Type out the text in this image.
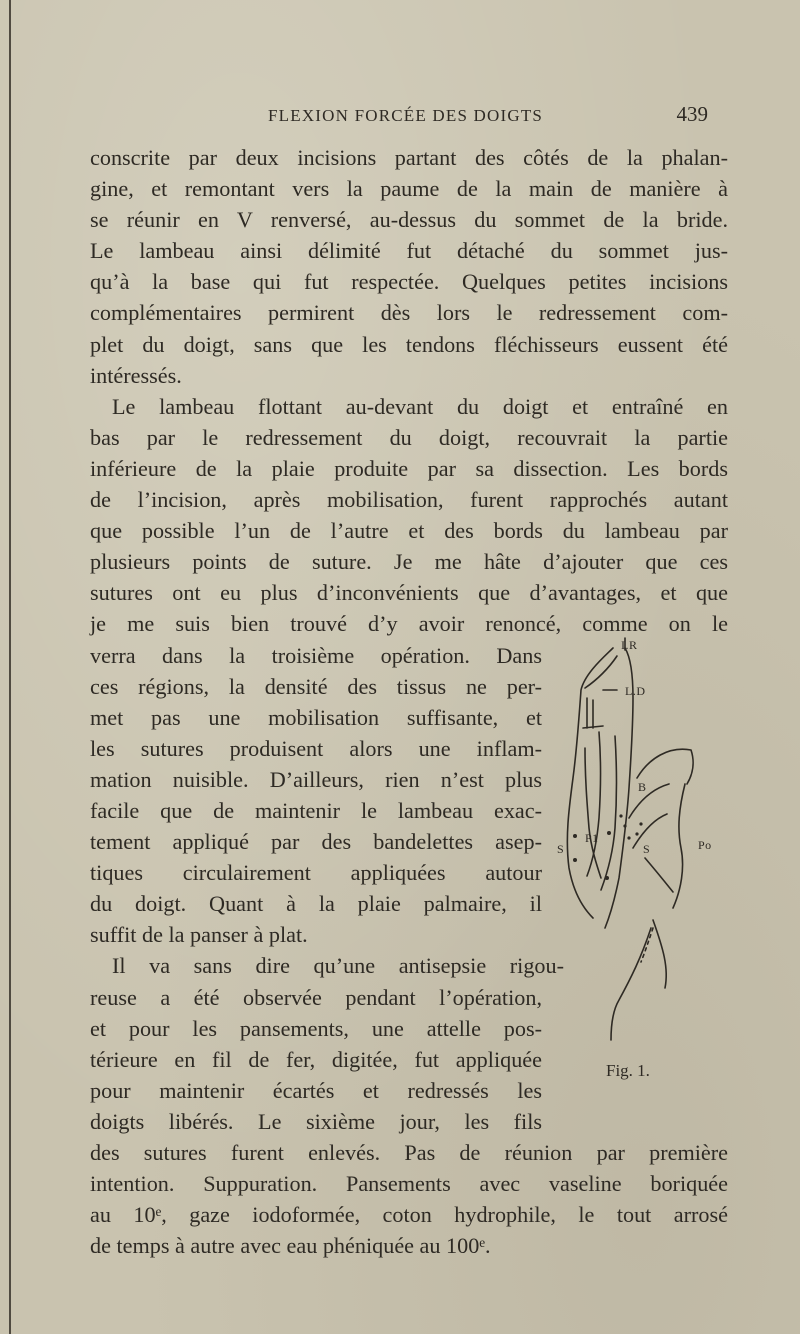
FLEXION FORCÉE DES DOIGTS	439
conscrite par deux incisions partant des côtés de la phalan-
gine, et remontant vers la paume de la main de manière à
se réunir en V renversé, au-dessus du sommet de la bride.
Le lambeau ainsi délimité fut détaché du sommet jus-
qu’à la base qui fut respectée. Quelques petites incisions
complémentaires permirent dès lors le redressement com-
plet du doigt, sans que les tendons fléchisseurs eussent été
intéressés.
Le lambeau flottant au-devant du doigt et entraîné en
bas par le redressement du doigt, recouvrait la partie
inférieure de la plaie produite par sa dissection. Les bords
de l’incision, après mobilisation, furent rapprochés autant
que possible l’un de l’autre et des bords du lambeau par
plusieurs points de suture. Je me hâte d’ajouter que ces
sutures ont eu plus d’inconvénients que d’avantages, et que
je me suis bien trouvé d’y avoir renoncé, comme on le
verra dans la troisième opération. Dans
ces régions, la densité des tissus ne per-
met pas une mobilisation suffisante, et
les sutures produisent alors une inflam-
mation nuisible. D’ailleurs, rien n’est plus
facile que de maintenir le lambeau exac-
tement appliqué par des bandelettes asep-
tiques circulairement appliquées autour
du doigt. Quant à la plaie palmaire, il
suffit de la panser à plat.
Il va sans dire qu’une antisepsie rigou-
reuse a été observée pendant l’opération,
et pour les pansements, une attelle pos-
térieure en fil de fer, digitée, fut appliquée
pour maintenir écartés et redressés les
doigts libérés. Le sixième jour, les fils
des sutures furent enlevés. Pas de réunion par première
intention. Suppuration. Pansements avec vaseline boriquée
au 10ᵉ, gaze iodoformée, coton hydrophile, le tout arrosé
de temps à autre avec eau phéniquée au 100ᵉ.
I.R
L.D
B
P1
S	S	Po
Fig. 1.
